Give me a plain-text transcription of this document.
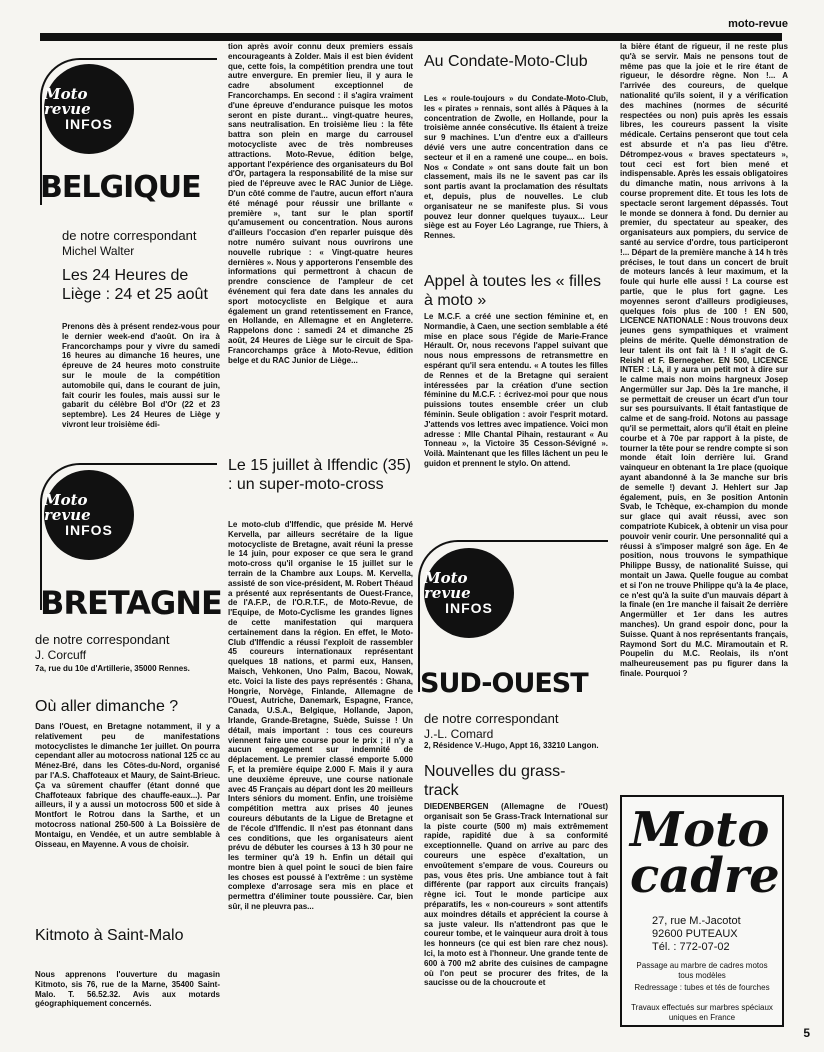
moto-revue
Moto revue
INFOS
BELGIQUE
de notre correspondant
Michel Walter
Les 24 Heures de Liège : 24 et 25 août

Prenons dès à présent rendez-vous pour le dernier week-end d'août. On ira à Francorchamps pour y vivre du samedi 16 heures au dimanche 16 heures, une épreuve de 24 heures moto construite sur le moule de la compétition automobile qui, dans le courant de juin, fait courir les foules, mais aussi sur le gabarit du célèbre Bol d'Or (22 et 23 septembre). Les 24 Heures de Liège y vivront leur troisième édi-

Moto revue
INFOS
BRETAGNE
de notre correspondant
J. Corcuff
7a, rue du 10e d'Artillerie, 35000 Rennes.
Où aller dimanche ?

Dans l'Ouest, en Bretagne notamment, il y a relativement peu de manifestations motocyclistes le dimanche 1er juillet. On pourra cependant aller au motocross national 125 cc au Ménez-Bré, dans les Côtes-du-Nord, organisé par l'A.S. Chaffoteaux et Maury, de Saint-Brieuc. Ça va sûrement chauffer (étant donné que Chaffoteaux fabrique des chauffe-eaux...). Par ailleurs, il y a aussi un motocross 500 et side à Montfort le Rotrou dans la Sarthe, et un motocross national 250-500 à La Boissière de Montaigu, en Vendée, et un autre semblable à Oisseau, en Mayenne. A vous de choisir.

Kitmoto à Saint-Malo

Nous apprenons l'ouverture du magasin Kitmoto, sis 76, rue de la Marne, 35400 Saint-Malo. T. 56.52.32. Avis aux motards géographiquement concernés.

tion après avoir connu deux premiers essais encourageants à Zolder. Mais il est bien évident que, cette fois, la compétition prendra une tout autre envergure. En premier lieu, il y aura le cadre absolument exceptionnel de Francorchamps. En second : il s'agira vraiment d'une épreuve d'endurance puisque les motos seront en piste durant... vingt-quatre heures, sans neutralisation. En troisième lieu : la fête battra son plein en marge du carrousel motocycliste avec de très nombreuses attractions. Moto-Revue, édition belge, apportant l'expérience des organisateurs du Bol d'Or, partagera la responsabilité de la mise sur pied de l'épreuve avec le RAC Junior de Liège. D'un côté comme de l'autre, aucun effort n'aura été ménagé pour réussir une brillante « première », tant sur le plan sportif qu'amusement ou concentration. Nous aurons d'ailleurs l'occasion d'en reparler puisque dès notre numéro suivant nous ouvrirons une nouvelle rubrique : « Vingt-quatre heures dernières ». Nous y apporterons l'ensemble des informations qui permettront à chacun de prendre conscience de l'ampleur de cet événement qui fera date dans les annales du sport motocycliste en Belgique et aura également un grand retentissement en France, en Hollande, en Allemagne et en Angleterre. Rappelons donc : samedi 24 et dimanche 25 août, 24 Heures de Liège sur le circuit de Spa-Francorchamps grâce à Moto-Revue, édition belge et du RAC Junior de Liège...

Le 15 juillet à Iffendic (35) : un super-moto-cross

Le moto-club d'Iffendic, que préside M. Hervé Kervella, par ailleurs secrétaire de la ligue motocycliste de Bretagne, avait réuni la presse le 14 juin, pour exposer ce que sera le grand moto-cross qu'il organise le 15 juillet sur le terrain de la Chambre aux Loups. M. Kervella, assisté de son vice-président, M. Robert Théaud a présenté aux représentants de Ouest-France, de l'A.F.P., de l'O.R.T.F., de Moto-Revue, de l'Equipe, de Moto-Cyclisme les grandes lignes de cette manifestation qui marquera certainement dans la région. En effet, le Moto-Club d'Iffendic a réussi l'exploit de rassembler 45 coureurs internationaux représentant quelques 18 nations, et parmi eux, Hansen, Maisch, Vehkonen, Uno Palm, Bacou, Nowak, etc. Voici la liste des pays représentés : Ghana, Hongrie, Norvège, Finlande, Allemagne de l'Ouest, Autriche, Danemark, Espagne, France, Canada, U.S.A., Belgique, Hollande, Japon, Irlande, Grande-Bretagne, Suède, Suisse ! Un détail, mais important : tous ces coureurs viennent faire une course pour le prix ; il n'y a aucun engagement sur indemnité de déplacement. Le premier classé emporte 5.000 F, et la première équipe 2.000 F. Mais il y aura une deuxième épreuve, une course nationale avec 45 Français au départ dont les 20 meilleurs Inters séniors du moment. Enfin, une troisième compétition mettra aux prises 40 jeunes coureurs débutants de la Ligue de Bretagne et de l'école d'Iffendic. Il n'est pas étonnant dans ces conditions, que les organisateurs aient prévu de débuter les courses à 13 h 30 pour ne les terminer qu'à 19 h. Enfin un détail qui montre bien à quel point le souci de bien faire les choses est poussé à l'extrême : un système complexe d'arrosage sera mis en place et permettra d'éliminer toute poussière. Car, bien sûr, il ne pleuvra pas...

Au Condate-Moto-Club

Les « roule-toujours » du Condate-Moto-Club, les « pirates » rennais, sont allés à Pâques à la concentration de Zwolle, en Hollande, pour la troisième année consécutive. Ils étaient à treize sur 9 machines. L'un d'entre eux a d'ailleurs dévié vers une autre concentration dans ce secteur et il en a ramené une coupe... en bois. Nos « Condate » ont sans doute fait un bon classement, mais ils ne le savent pas car ils sont partis avant la proclamation des résultats et, depuis, plus de nouvelles. Le club organisateur ne se manifeste plus. Si vous pouvez leur donner quelques tuyaux... Leur siège est au Foyer Léo Lagrange, rue Thiers, à Rennes.

Appel à toutes les « filles à moto »

Le M.C.F. a créé une section féminine et, en Normandie, à Caen, une section semblable a été mise en place sous l'égide de Marie-France Hérault. Or, nous recevons l'appel suivant que nous nous empressons de retransmettre en espérant qu'il sera entendu. « A toutes les filles de Rennes et de la Bretagne qui seraient intéressées par la création d'une section féminine du M.C.F. : écrivez-moi pour que nous puissions toutes ensemble créer un club féminin. Seule obligation : avoir l'esprit motard. J'attends vos lettres avec impatience. Voici mon adresse : Mlle Chantal Pihain, restaurant « Au Tonneau », la Victoire 35 Cesson-Sévigné ». Voilà. Maintenant que les filles lâchent un peu le guidon et prennent le stylo. On attend.

Moto revue
INFOS
SUD-OUEST
de notre correspondant
J.-L. Comard
2, Résidence V.-Hugo, Appt 16, 33210 Langon.
Nouvelles du grass-track

DIEDENBERGEN (Allemagne de l'Ouest) organisait son 5e Grass-Track International sur la piste courte (500 m) mais extrêmement rapide, rapidité due à sa conformité exceptionnelle. Quand on arrive au parc des coureurs une espèce d'exaltation, un envoûtement s'empare de vous. Coureurs ou pas, vous êtes pris. Une ambiance tout à fait différente (par rapport aux circuits français) règne ici. Tout le monde participe aux préparatifs, les « non-coureurs » sont attentifs aux moindres détails et apprécient la course à sa juste valeur. Ils n'attendront pas que le coureur tombe, et le vainqueur aura droit à tous les honneurs (ce qui est bien rare chez nous). Ici, la moto est à l'honneur. Une grande tente de 600 à 700 m2 abrite des cuisines de campagne où l'on peut se procurer des frites, de la saucisse ou de la choucroute et

la bière étant de rigueur, il ne reste plus qu'à se servir. Mais ne pensons tout de même pas que la joie et le rire étant de rigueur, le désordre règne. Non !... A l'arrivée des coureurs, de quelque nationalité qu'ils soient, il y a vérification des machines (normes de sécurité respectées ou non) puis après les essais libres, les coureurs passent la visite médicale. Certains penseront que tout cela est absurde et n'a pas lieu d'être. Détrompez-vous « braves spectateurs », tout ceci est fort bien mené et indispensable. Après les essais obligatoires du dimanche matin, nous arrivons à la course proprement dite. Et tous les lots de spectacle seront largement dépassés. Tout le monde se donnera à fond. Du dernier au premier, du spectateur au speaker, des organisateurs aux pompiers, du service de santé au service d'ordre, tous participeront !... Départ de la première manche à 14 h très précises, le tout dans un concert de bruit de moteurs lancés à leur maximum, et la foule qui hurle elle aussi ! La course est partie, que le plus fort gagne. Les moyennes seront d'ailleurs prodigieuses, quelques fois plus de 100 ! EN 500, LICENCE NATIONALE : Nous trouvons deux jeunes gens sympathiques et vraiment pleins de mérite. Quelle démonstration de leur talent ils ont fait là ! Il s'agit de G. Reishl et F. Bernegeher. EN 500, LICENCE INTER : Là, il y aura un petit mot à dire sur le calme mais non moins hargneux Josep Angermüller sur Jap. Dès la 1re manche, il se permettait de creuser un écart d'un tour sur ses poursuivants. Il était fantastique de calme et de sang-froid. Notons au passage qu'il se permettait, alors qu'il était en pleine courbe et à 70e par rapport à la piste, de tourner la tête pour se rendre compte si son monde était loin derrière lui. Grand vainqueur en obtenant la 1re place (quoique ayant abandonné à la 3e manche sur bris de semelle !) devant J. Hehlert sur Jap également, puis, en 3e position Antonin Svab, le Tchèque, ex-champion du monde sur glace qui avait réussi, avec son compatriote Kubicek, à obtenir un visa pour pouvoir venir courir. Une personnalité qui a réussi à s'imposer malgré son âge. En 4e position, nous trouvons le sympathique Philippe Bussy, de nationalité Suisse, qui montait un Jawa. Quelle fougue au combat et si l'on ne trouve Philippe qu'à la 4e place, ce n'est qu'à la suite d'un mauvais départ à la finale (en 1re manche il faisait 2e derrière Angermüller et 1er dans les autres manches). Un grand espoir donc, pour la Suisse. Quant à nos représentants français, Raymond Sort du M.C. Miramoutain et R. Poupelin du M.C. Reolais, ils n'ont malheureusement pas pu figurer dans la finale. Pourquoi ?

Moto cadre
27, rue M.-Jacotot
92600 PUTEAUX
Tél. : 772-07-02
Passage au marbre de cadres motos tous modèles
Redressage : tubes et tés de fourches
Travaux effectués sur marbres spéciaux uniques en France
5
